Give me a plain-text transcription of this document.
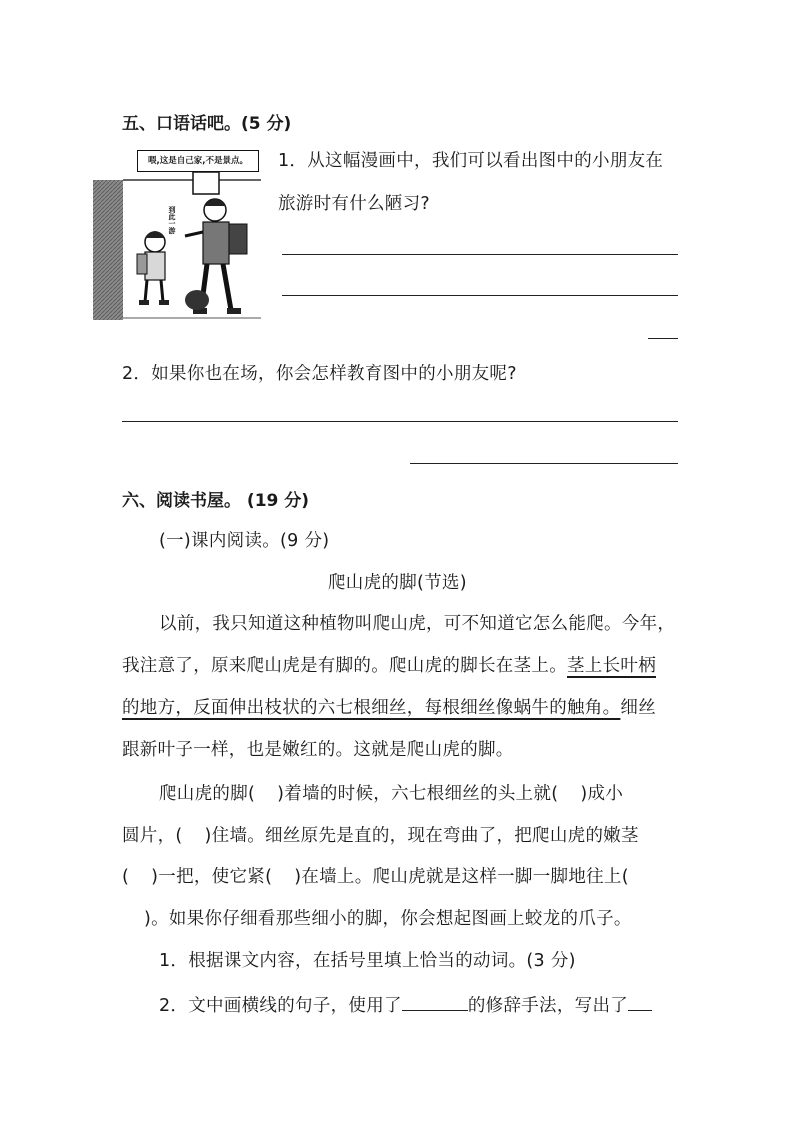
五、口语话吧。(5 分)
喂,这是自己家,不是景点。
到此一游
1．从这幅漫画中，我们可以看出图中的小朋友在
旅游时有什么陋习?
2．如果你也在场，你会怎样教育图中的小朋友呢?
六、阅读书屋。 (19 分)
(一)课内阅读。(9 分)
爬山虎的脚(节选)
以前，我只知道这种植物叫爬山虎，可不知道它怎么能爬。今年，
我注意了，原来爬山虎是有脚的。爬山虎的脚长在茎上。茎上长叶柄
的地方，反面伸出枝状的六七根细丝，每根细丝像蜗牛的触角。细丝
跟新叶子一样，也是嫩红的。这就是爬山虎的脚。
爬山虎的脚( )着墙的时候，六七根细丝的头上就( )成小
圆片，( )住墙。细丝原先是直的，现在弯曲了，把爬山虎的嫩茎
( )一把，使它紧( )在墙上。爬山虎就是这样一脚一脚地往上(
)。如果你仔细看那些细小的脚，你会想起图画上蛟龙的爪子。
1．根据课文内容，在括号里填上恰当的动词。(3 分)
2．文中画横线的句子，使用了	的修辞手法，写出了
